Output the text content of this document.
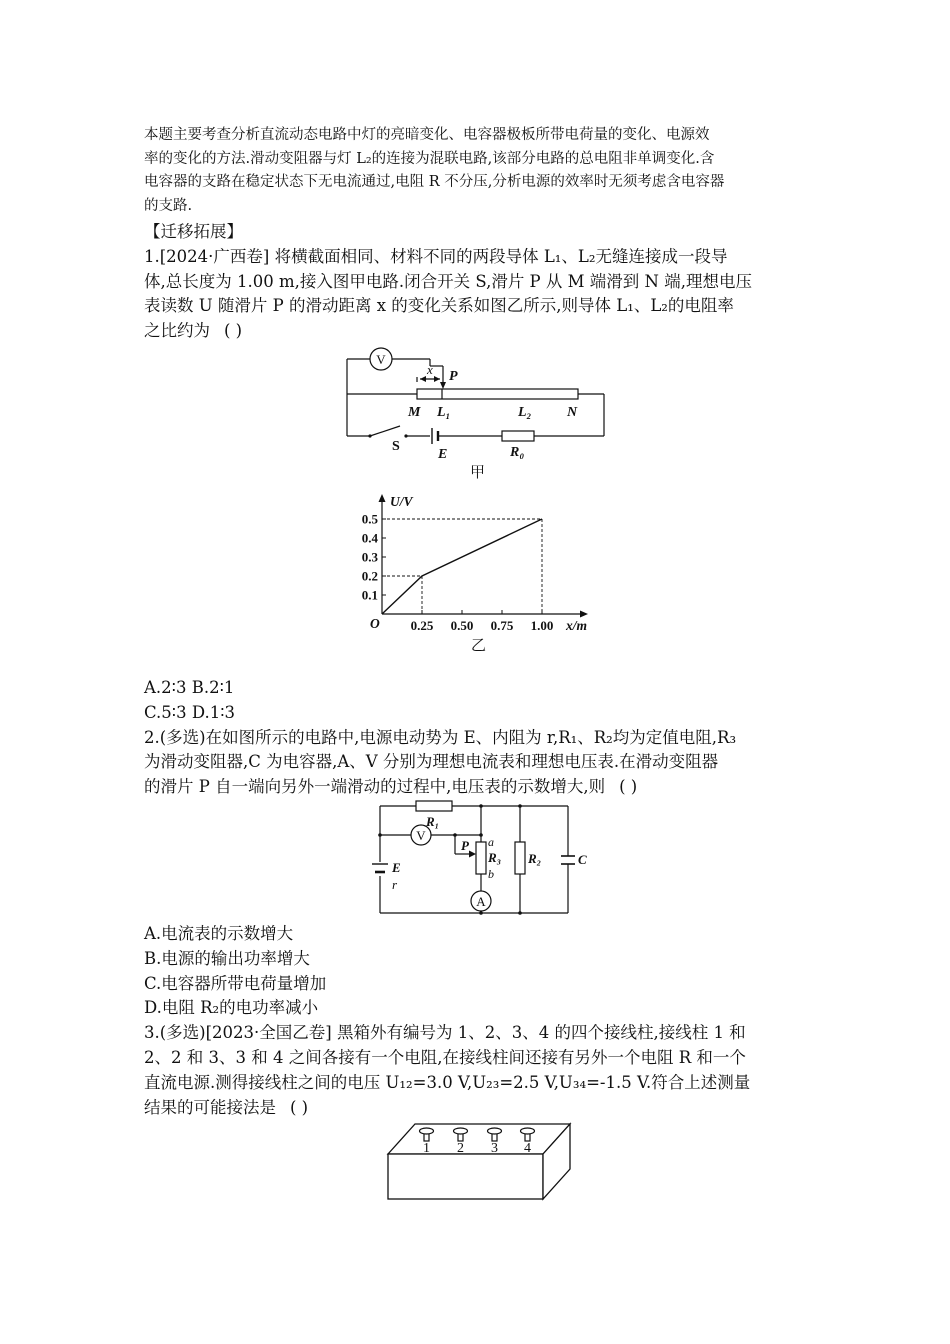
本题主要考查分析直流动态电路中灯的亮暗变化、电容器极板所带电荷量的变化、电源效

率的变化的方法.滑动变阻器与灯 L₂的连接为混联电路,该部分电路的总电阻非单调变化.含

电容器的支路在稳定状态下无电流通过,电阻 R 不分压,分析电源的效率时无须考虑含电容器

的支路.

【迁移拓展】

1.[2024·广西卷] 将横截面相同、材料不同的两段导体 L₁、L₂无缝连接成一段导

体,总长度为 1.00 m,接入图甲电路.闭合开关 S,滑片 P 从 M 端滑到 N 端,理想电压

表读数 U 随滑片 P 的滑动距离 x 的变化关系如图乙所示,则导体 L₁、L₂的电阻率

之比约为 ( )

V
x P
M L₁	L₂	N
S
E	R₀
甲
U/V
x/m
O
乙
0.25 0.50 0.75 1.00
0.1
0.2
0.3
0.4
0.5

A.2∶3 B.2∶1

C.5∶3 D.1∶3

2.(多选)在如图所示的电路中,电源电动势为 E、内阻为 r,R₁、R₂均为定值电阻,R₃

为滑动变阻器,C 为电容器,A、V 分别为理想电流表和理想电压表.在滑动变阻器

的滑片 P 自一端向另外一端滑动的过程中,电压表的示数增大,则 ( )

V
A
R₁
P a
R₃
b
R₂	C
E
r

A.电流表的示数增大

B.电源的输出功率增大

C.电容器所带电荷量增加

D.电阻 R₂的电功率减小

3.(多选)[2023·全国乙卷] 黑箱外有编号为 1、2、3、4 的四个接线柱,接线柱 1 和

2、2 和 3、3 和 4 之间各接有一个电阻,在接线柱间还接有另外一个电阻 R 和一个

直流电源.测得接线柱之间的电压 U₁₂=3.0 V,U₂₃=2.5 V,U₃₄=-1.5 V.符合上述测量

结果的可能接法是 ( )

1 2 3 4
